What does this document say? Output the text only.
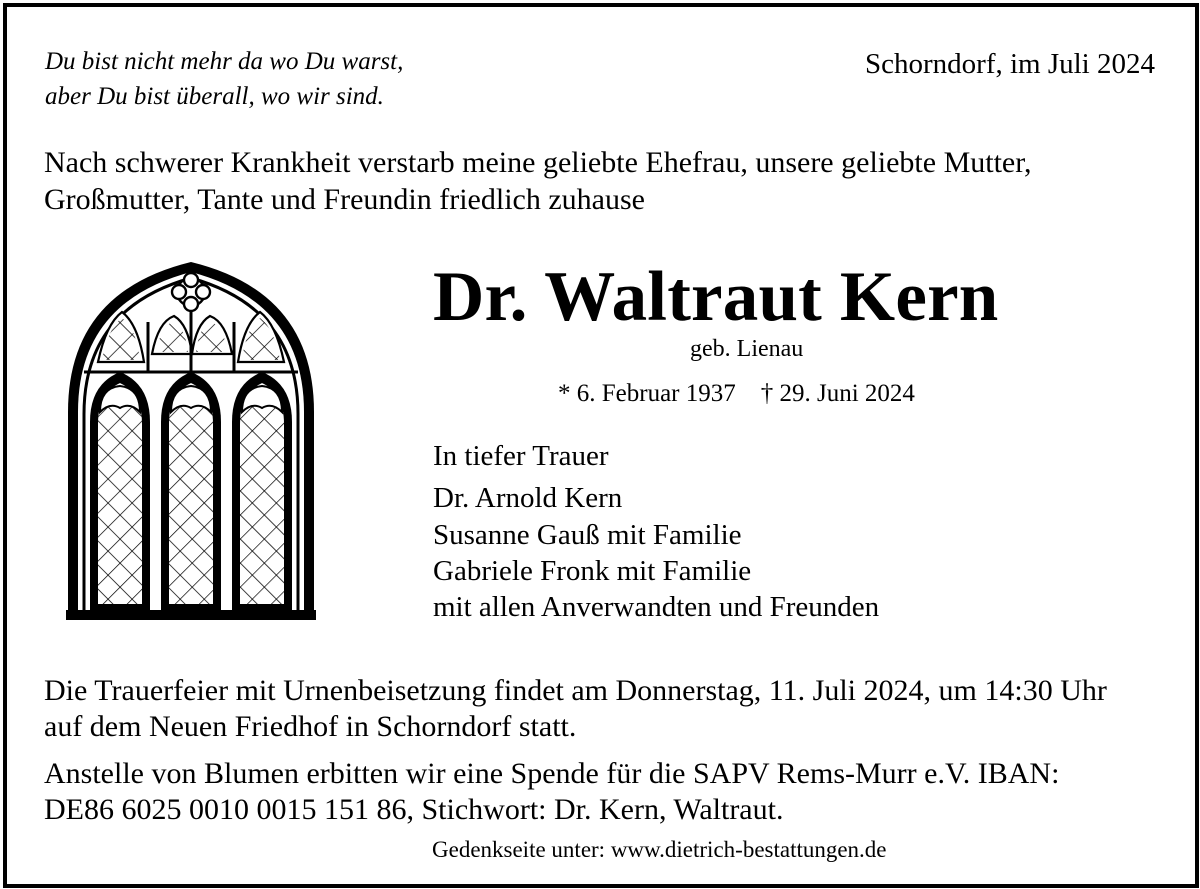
Du bist nicht mehr da wo Du warst,
aber Du bist überall, wo wir sind.
Schorndorf, im Juli 2024
Nach schwerer Krankheit verstarb meine geliebte Ehefrau, unsere geliebte Mutter,
Großmutter, Tante und Freundin friedlich zuhause
Dr. Waltraut Kern
geb. Lienau
* 6. Februar 1937 † 29. Juni 2024
In tiefer Trauer
Dr. Arnold Kern
Susanne Gauß mit Familie
Gabriele Fronk mit Familie
mit allen Anverwandten und Freunden
Die Trauerfeier mit Urnenbeisetzung findet am Donnerstag, 11. Juli 2024, um 14:30 Uhr
auf dem Neuen Friedhof in Schorndorf statt.
Anstelle von Blumen erbitten wir eine Spende für die SAPV Rems-Murr e.V. IBAN:
DE86 6025 0010 0015 151 86, Stichwort: Dr. Kern, Waltraut.
Gedenkseite unter: www.dietrich-bestattungen.de
